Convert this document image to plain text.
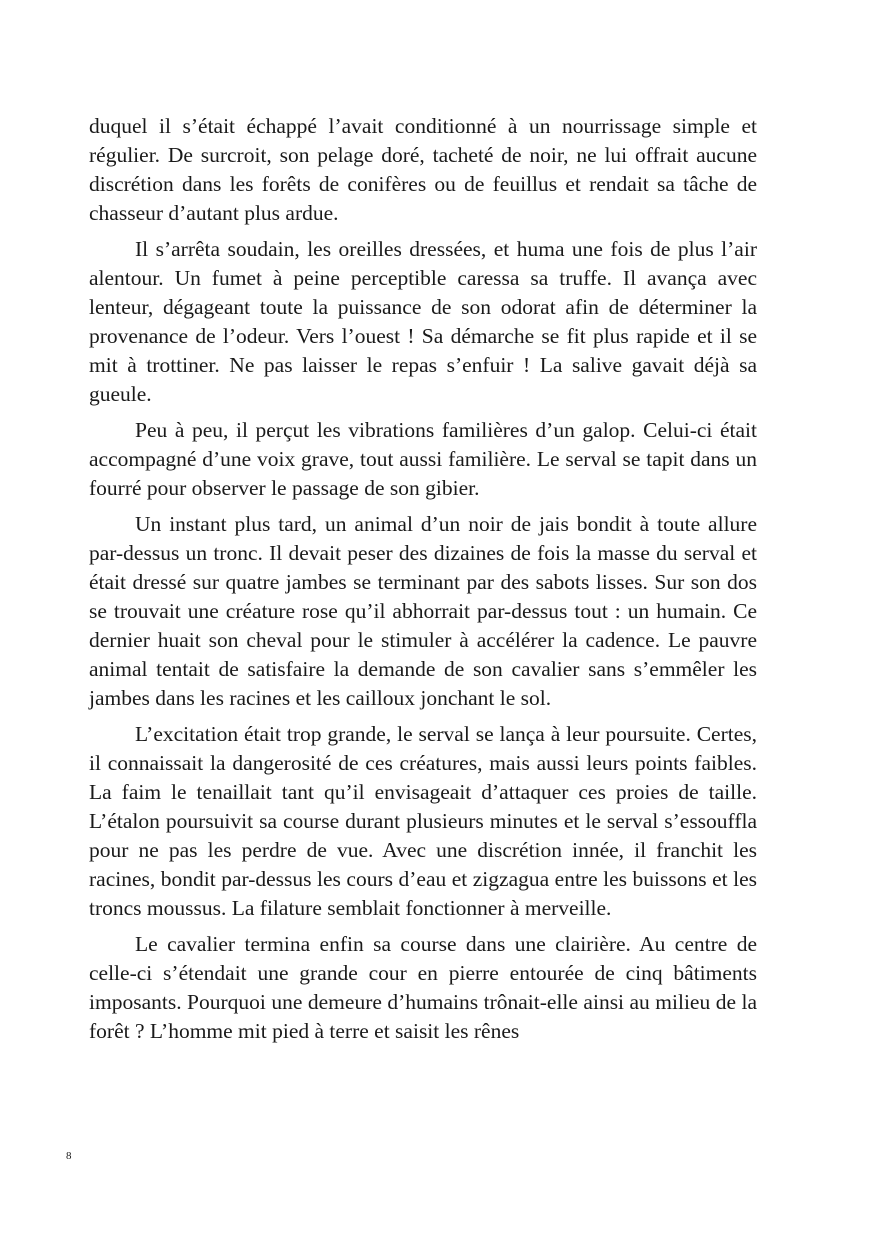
duquel il s’était échappé l’avait conditionné à un nourrissage simple et régulier. De surcroit, son pelage doré, tacheté de noir, ne lui offrait aucune discrétion dans les forêts de conifères ou de feuillus et rendait sa tâche de chasseur d’autant plus ardue.

Il s’arrêta soudain, les oreilles dressées, et huma une fois de plus l’air alentour. Un fumet à peine perceptible caressa sa truffe. Il avança avec lenteur, dégageant toute la puissance de son odorat afin de déterminer la provenance de l’odeur. Vers l’ouest ! Sa démarche se fit plus rapide et il se mit à trottiner. Ne pas laisser le repas s’enfuir ! La salive gavait déjà sa gueule.

Peu à peu, il perçut les vibrations familières d’un galop. Celui-ci était accompagné d’une voix grave, tout aussi familière. Le serval se tapit dans un fourré pour observer le passage de son gibier.

Un instant plus tard, un animal d’un noir de jais bondit à toute allure par-dessus un tronc. Il devait peser des dizaines de fois la masse du serval et était dressé sur quatre jambes se terminant par des sabots lisses. Sur son dos se trouvait une créature rose qu’il abhorrait par-dessus tout : un humain. Ce dernier huait son cheval pour le stimuler à accélérer la cadence. Le pauvre animal tentait de satisfaire la demande de son cavalier sans s’emmêler les jambes dans les racines et les cailloux jonchant le sol.

L’excitation était trop grande, le serval se lança à leur poursuite. Certes, il connaissait la dangerosité de ces créatures, mais aussi leurs points faibles. La faim le tenaillait tant qu’il envisageait d’attaquer ces proies de taille. L’étalon poursuivit sa course durant plusieurs minutes et le serval s’essouffla pour ne pas les perdre de vue. Avec une discrétion innée, il franchit les racines, bondit par-dessus les cours d’eau et zigzagua entre les buissons et les troncs moussus. La filature semblait fonctionner à merveille.

Le cavalier termina enfin sa course dans une clairière. Au centre de celle-ci s’étendait une grande cour en pierre entourée de cinq bâtiments imposants. Pourquoi une demeure d’humains trônait-elle ainsi au milieu de la forêt ? L’homme mit pied à terre et saisit les rênes

8
